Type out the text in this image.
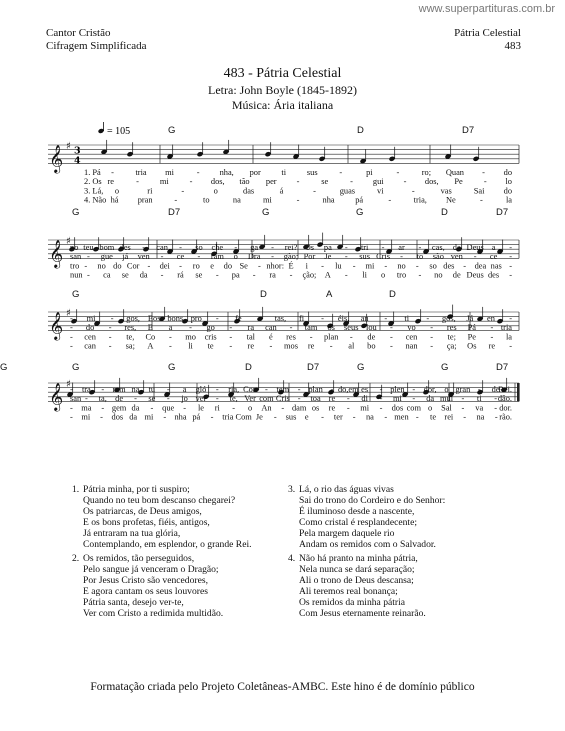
www.superpartituras.com.br
Cantor Cristão
Cifragem Simplificada
Pátria Celestial
483
483 - Pátria Celestial
Letra: John Boyle (1845-1892)
Música: Ária italiana
𝄞 ♯ 3
4
= 105	G	D	D7
1. Pá -	tria mi	- nha, por ti sus	-	pi	-	ro; Quan - do
2. Os re	- mi - dos, tão per -	se	- gui - dos, Pe	- lo
3. Lá, o	ri	-	o	das	á	-	guas	vi	-	vas	Sai do
4. Não há pran	-	to	na	mi	-	nha pá	-	tria, Ne	-	la
𝄞 ♯
G	D7	G	G	D	D7
no teu bom des - can - so che - ga - rei? Os pa - tri - ar - cas, de Deus a -
san - gue já ven - ce - ram o Dra - gão; Por Je - sus Cris - to são ven - ce -
tro - no do Cor - dei - ro e do Se - nhor: É i - lu - mi - no - so des - dea nas -
nun - ca se da - rá se - pa - ra - ção; A - li o tro - no de Deus des -
𝄞 ♯
G	D	A	D
- mi - gos, Eos bons pro - fe - tas, fi - éis, an - ti - gos, Já en -
- do - res, E a - go - ra can - tam os seus lou - vo - res Pá - tria
- cen - te, Co - mo cris - tal é res - plan - de - cen - te; Pe - la
- can - sa; A - li te - re - mos re - al bo - nan - ça; Os re -
𝄞 ♯
G	G	D	D7	G	G	D7
G
- tra - ram na tu - a gló - ria, Con - tem - plan - do,em es - plen - dor, o gran - de
Rei.
san - ta, de - se - jo ver - te, Ver com Cris - toa re - di - mi - da mul - ti - dão.
- ma - gem da - que - le ri - o An - dam os re - mi - dos com o Sal - va - dor.
- mi - dos da mi - nha pá - tria Com Je - sus e - ter - na - men - te rei - na - rão.
1. Pátria minha, por ti suspiro;
Quando no teu bom descanso chegarei?
Os patriarcas, de Deus amigos,
E os bons profetas, fiéis, antigos,
Já entraram na tua glória,
Contemplando, em esplendor, o grande Rei.
2. Os remidos, tão perseguidos,
Pelo sangue já venceram o Dragão;
Por Jesus Cristo são vencedores,
E agora cantam os seus louvores
Pátria santa, desejo ver-te,
Ver com Cristo a redimida multidão.
3. Lá, o rio das águas vivas
Sai do trono do Cordeiro e do Senhor:
É iluminoso desde a nascente,
Como cristal é resplandecente;
Pela margem daquele rio
Andam os remidos com o Salvador.
4. Não há pranto na minha pátria,
Nela nunca se dará separação;
Ali o trono de Deus descansa;
Ali teremos real bonança;
Os remidos da minha pátria
Com Jesus eternamente reinarão.
Formatação criada pelo Projeto Coletâneas-AMBC. Este hino é de domínio público
